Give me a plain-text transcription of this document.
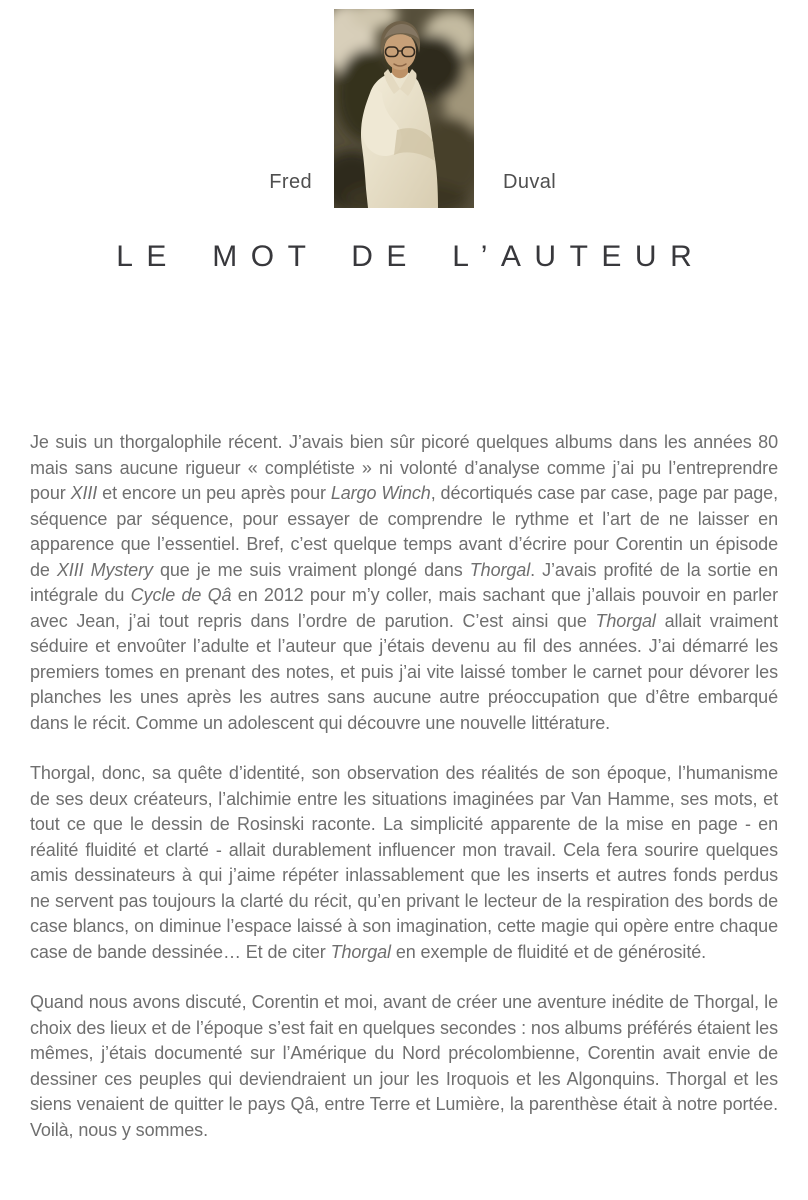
Fred	Duval
LE MOT DE L’AUTEUR

Je suis un thorgalophile récent. J’avais bien sûr picoré quelques albums dans les années 80 mais sans aucune rigueur « complétiste » ni volonté d’analyse comme j’ai pu l’entreprendre pour XIII et encore un peu après pour Largo Winch, décortiqués case par case, page par page, séquence par séquence, pour essayer de comprendre le rythme et l’art de ne laisser en apparence que l’essentiel. Bref, c’est quelque temps avant d’écrire pour Corentin un épisode de XIII Mystery que je me suis vraiment plongé dans Thorgal. J’avais profité de la sortie en intégrale du Cycle de Qâ en 2012 pour m’y coller, mais sachant que j’allais pouvoir en parler avec Jean, j’ai tout repris dans l’ordre de parution. C’est ainsi que Thorgal allait vraiment séduire et envoûter l’adulte et l’auteur que j’étais devenu au fil des années. J’ai démarré les premiers tomes en prenant des notes, et puis j’ai vite laissé tomber le carnet pour dévorer les planches les unes après les autres sans aucune autre préoccupation que d’être embarqué dans le récit. Comme un adolescent qui découvre une nouvelle littérature.

Thorgal, donc, sa quête d’identité, son observation des réalités de son époque, l’humanisme de ses deux créateurs, l’alchimie entre les situations imaginées par Van Hamme, ses mots, et tout ce que le dessin de Rosinski raconte. La simplicité apparente de la mise en page - en réalité fluidité et clarté - allait durablement influencer mon travail. Cela fera sourire quelques amis dessinateurs à qui j’aime répéter inlassablement que les inserts et autres fonds perdus ne servent pas toujours la clarté du récit, qu’en privant le lecteur de la respiration des bords de case blancs, on diminue l’espace laissé à son imagination, cette magie qui opère entre chaque case de bande dessinée… Et de citer Thorgal en exemple de fluidité et de générosité.

Quand nous avons discuté, Corentin et moi, avant de créer une aventure inédite de Thorgal, le choix des lieux et de l’époque s’est fait en quelques secondes : nos albums préférés étaient les mêmes, j’étais documenté sur l’Amérique du Nord précolombienne, Corentin avait envie de dessiner ces peuples qui deviendraient un jour les Iroquois et les Algonquins. Thorgal et les siens venaient de quitter le pays Qâ, entre Terre et Lumière, la parenthèse était à notre portée. Voilà, nous y sommes.
